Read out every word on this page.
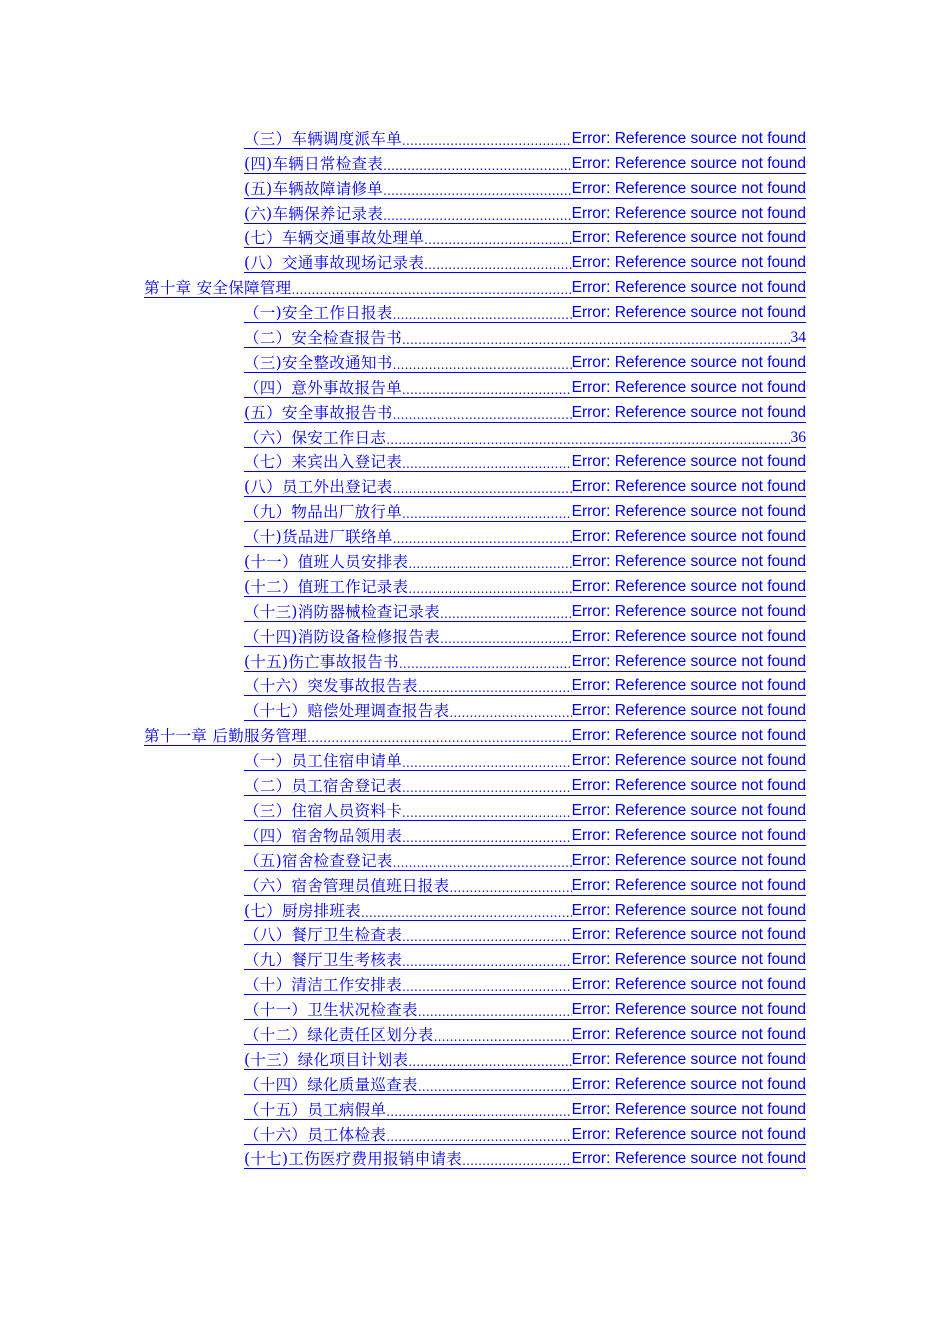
（三）车辆调度派车单 .....	Error: Reference source not found
(四)车辆日常检查表 .....	Error: Reference source not found
(五)车辆故障请修单 .....	Error: Reference source not found
(六)车辆保养记录表 .....	Error: Reference source not found
(七）车辆交通事故处理单 .....	Error: Reference source not found
(八）交通事故现场记录表 .....	Error: Reference source not found
第十章 安全保障管理 .....	Error: Reference source not found
（一)安全工作日报表 .....	Error: Reference source not found
（二）安全检查报告书 .....	34
（三)安全整改通知书 .....	Error: Reference source not found
（四）意外事故报告单 .....	Error: Reference source not found
(五）安全事故报告书 .....	Error: Reference source not found
（六）保安工作日志 .....	36
（七）来宾出入登记表 .....	Error: Reference source not found
(八）员工外出登记表 .....	Error: Reference source not found
（九）物品出厂放行单 .....	Error: Reference source not found
（十)货品进厂联络单 .....	Error: Reference source not found
(十一）值班人员安排表 .....	Error: Reference source not found
(十二）值班工作记录表 .....	Error: Reference source not found
（十三)消防器械检查记录表 .....	Error: Reference source not found
（十四)消防设备检修报告表 .....	Error: Reference source not found
(十五)伤亡事故报告书 .....	Error: Reference source not found
（十六）突发事故报告表 .....	Error: Reference source not found
（十七）赔偿处理调查报告表 .....	Error: Reference source not found
第十一章 后勤服务管理 .....	Error: Reference source not found
（一）员工住宿申请单 .....	Error: Reference source not found
（二）员工宿舍登记表 .....	Error: Reference source not found
（三）住宿人员资料卡 .....	Error: Reference source not found
（四）宿舍物品领用表 .....	Error: Reference source not found
（五)宿舍检查登记表 .....	Error: Reference source not found
（六）宿舍管理员值班日报表 .....	Error: Reference source not found
(七）厨房排班表 .....	Error: Reference source not found
（八）餐厅卫生检查表 .....	Error: Reference source not found
（九）餐厅卫生考核表 .....	Error: Reference source not found
（十）清洁工作安排表 .....	Error: Reference source not found
（十一）卫生状况检查表 .....	Error: Reference source not found
（十二）绿化责任区划分表 .....	Error: Reference source not found
(十三）绿化项目计划表 .....	Error: Reference source not found
（十四）绿化质量巡查表 .....	Error: Reference source not found
（十五）员工病假单 .....	Error: Reference source not found
（十六）员工体检表 .....	Error: Reference source not found
(十七)工伤医疗费用报销申请表 .....	Error: Reference source not found
